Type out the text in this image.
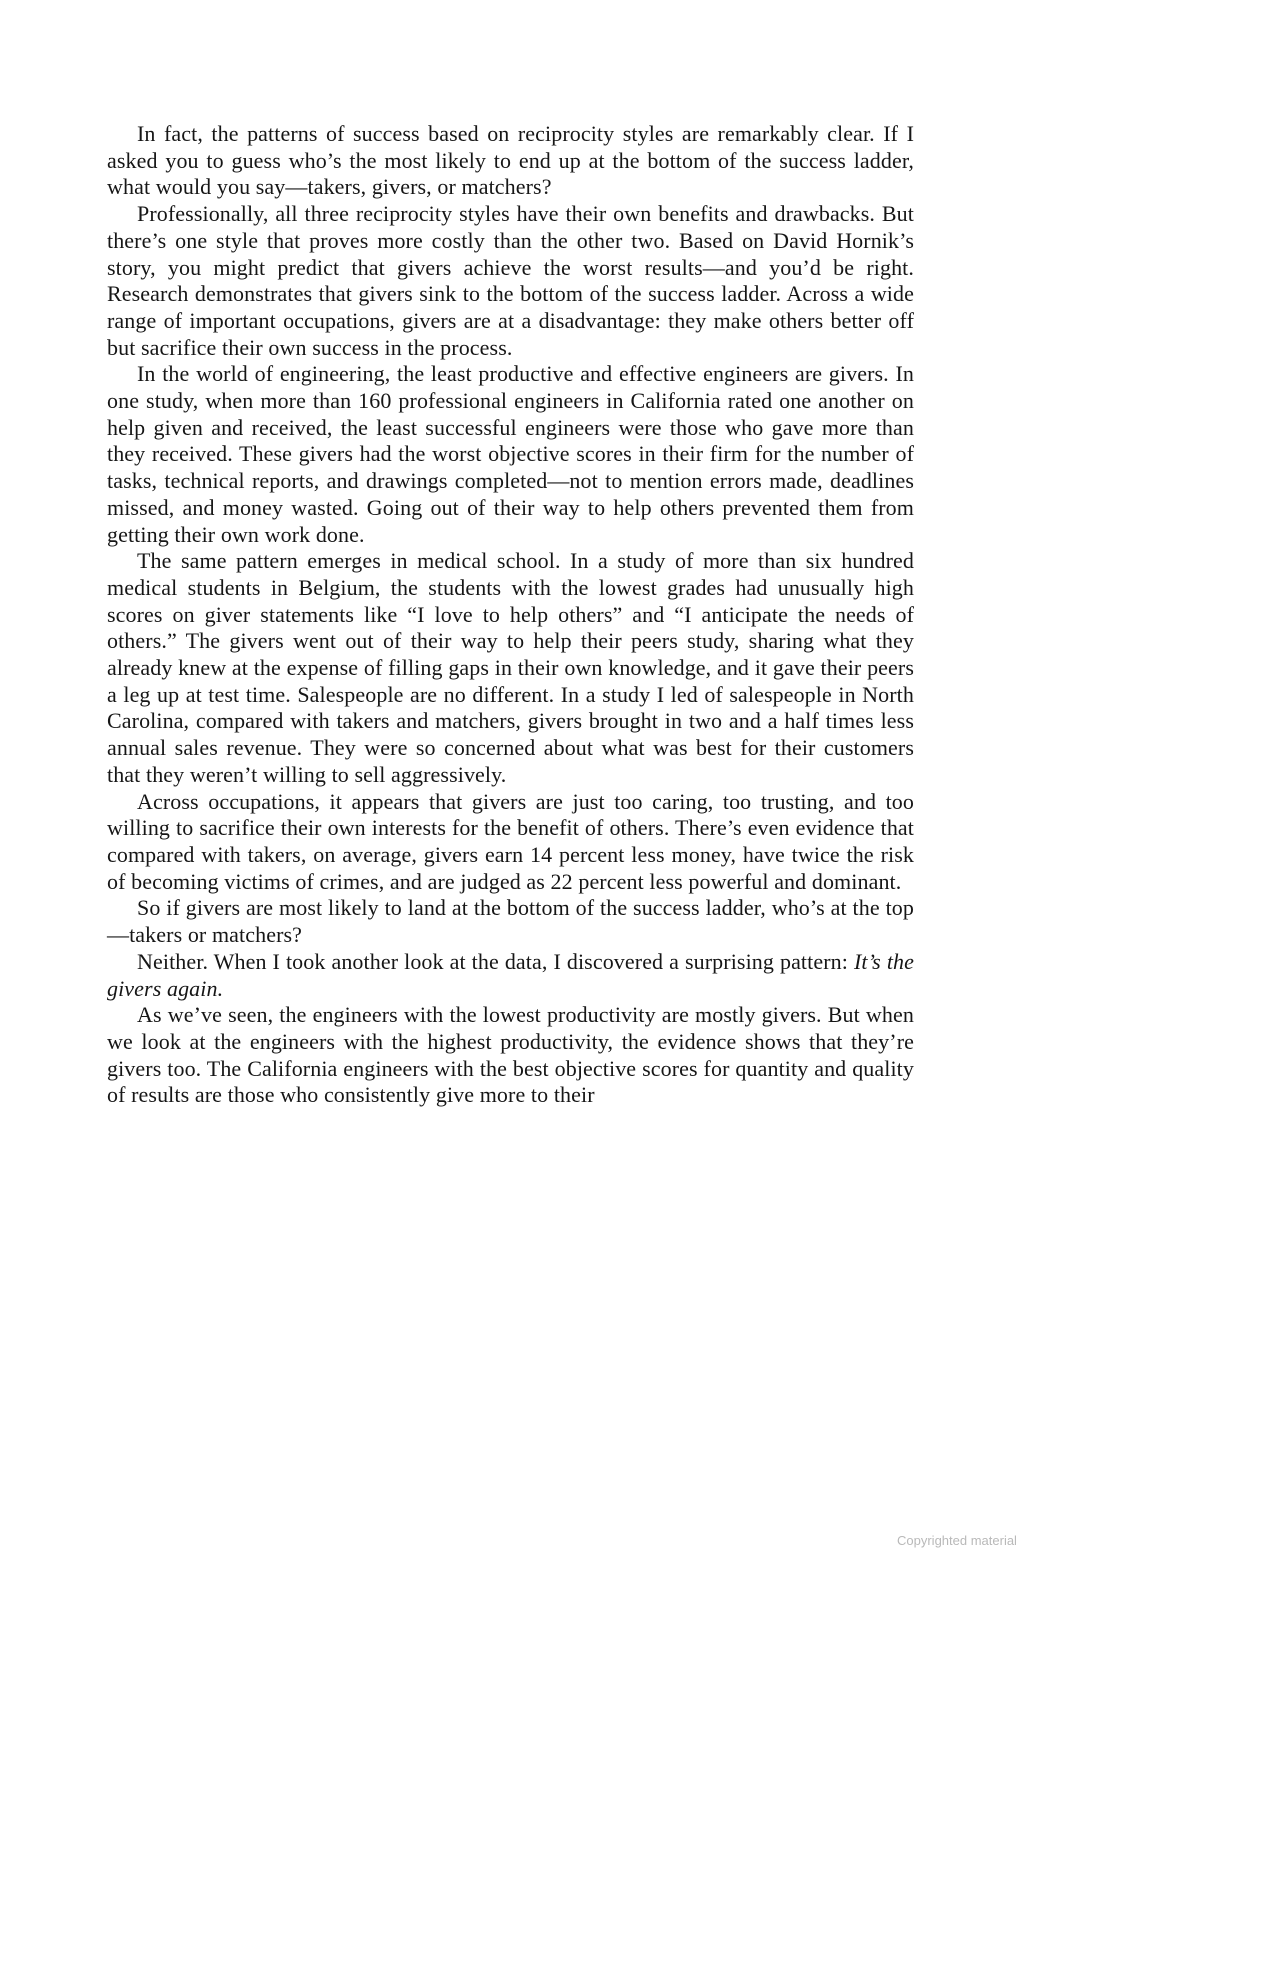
In fact, the patterns of success based on reciprocity styles are remarkably clear. If I asked you to guess who’s the most likely to end up at the bottom of the success ladder, what would you say—takers, givers, or matchers?

Professionally, all three reciprocity styles have their own benefits and drawbacks. But there’s one style that proves more costly than the other two. Based on David Hornik’s story, you might predict that givers achieve the worst results—and you’d be right. Research demonstrates that givers sink to the bottom of the success ladder. Across a wide range of important occupations, givers are at a disadvantage: they make others better off but sacrifice their own success in the process.

In the world of engineering, the least productive and effective engineers are givers. In one study, when more than 160 professional engineers in California rated one another on help given and received, the least successful engineers were those who gave more than they received. These givers had the worst objective scores in their firm for the number of tasks, technical reports, and drawings completed—not to mention errors made, deadlines missed, and money wasted. Going out of their way to help others prevented them from getting their own work done.

The same pattern emerges in medical school. In a study of more than six hundred medical students in Belgium, the students with the lowest grades had unusually high scores on giver statements like “I love to help others” and “I anticipate the needs of others.” The givers went out of their way to help their peers study, sharing what they already knew at the expense of filling gaps in their own knowledge, and it gave their peers a leg up at test time. Salespeople are no different. In a study I led of salespeople in North Carolina, compared with takers and matchers, givers brought in two and a half times less annual sales revenue. They were so concerned about what was best for their customers that they weren’t willing to sell aggressively.

Across occupations, it appears that givers are just too caring, too trusting, and too willing to sacrifice their own interests for the benefit of others. There’s even evidence that compared with takers, on average, givers earn 14 percent less money, have twice the risk of becoming victims of crimes, and are judged as 22 percent less powerful and dominant.

So if givers are most likely to land at the bottom of the success ladder, who’s at the top—takers or matchers?

Neither. When I took another look at the data, I discovered a surprising pattern: It’s the givers again.

As we’ve seen, the engineers with the lowest productivity are mostly givers. But when we look at the engineers with the highest productivity, the evidence shows that they’re givers too. The California engineers with the best objective scores for quantity and quality of results are those who consistently give more to their

Copyrighted material
